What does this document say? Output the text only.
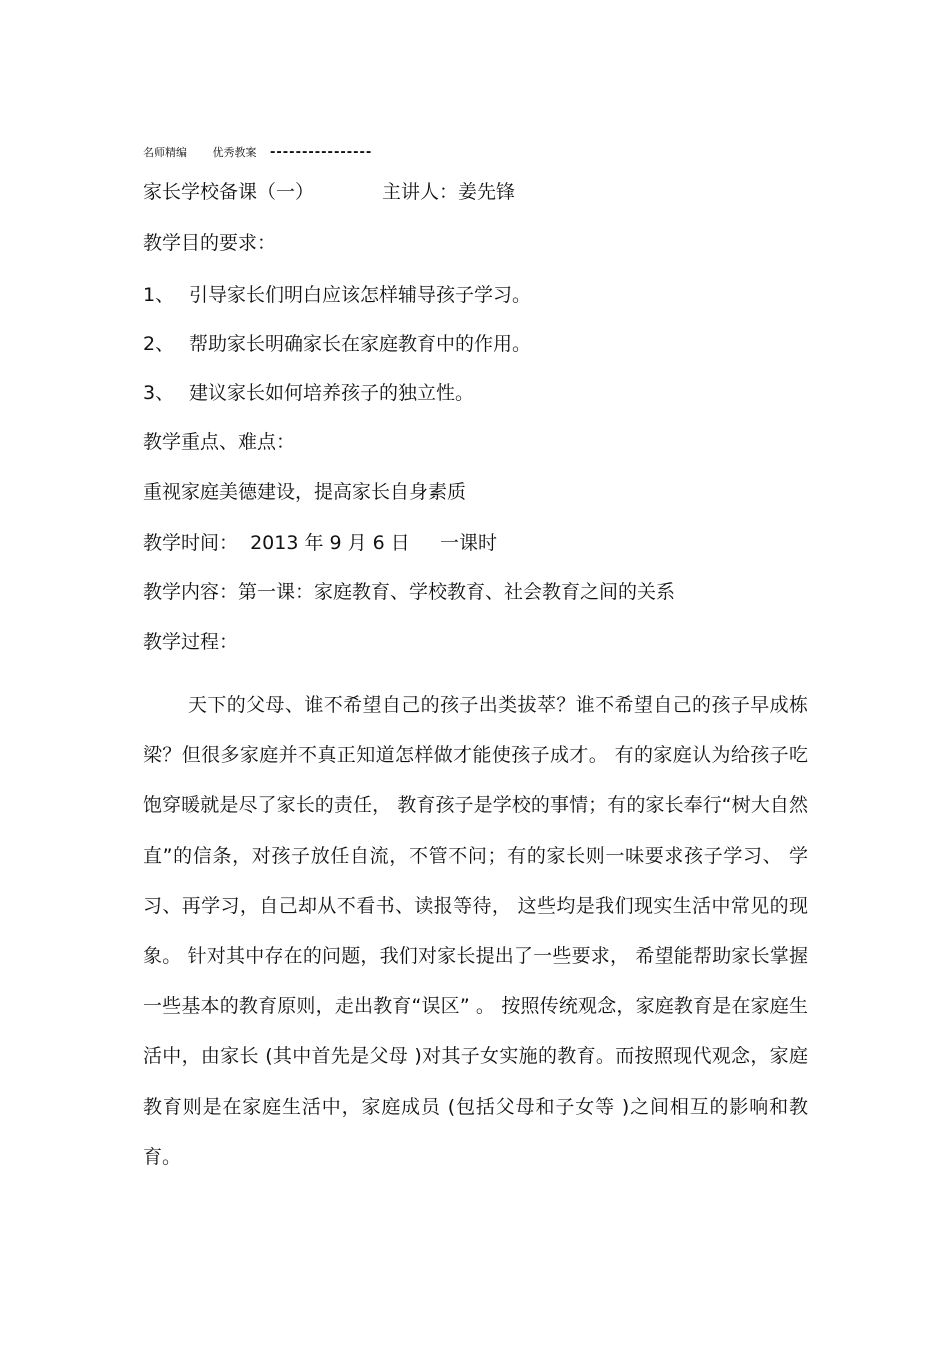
名师精编 优秀教案 ----------------
家长学校备课（一）	主讲人：姜先锋
教学目的要求：
1、 引导家长们明白应该怎样辅导孩子学习。
2、 帮助家长明确家长在家庭教育中的作用。
3、 建议家长如何培养孩子的独立性。
教学重点、难点：
重视家庭美德建设，提高家长自身素质
教学时间：  2013 年 9 月 6 日     一课时
教学内容：第一课：家庭教育、学校教育、社会教育之间的关系
教学过程：

天下的父母、谁不希望自己的孩子出类拔萃？谁不希望自己的孩子早成栋梁？但很多家庭并不真正知道怎样做才能使孩子成才。 有的家庭认为给孩子吃饱穿暖就是尽了家长的责任， 教育孩子是学校的事情；有的家长奉行“树大自然直”的信条，对孩子放任自流，不管不问；有的家长则一味要求孩子学习、 学习、再学习，自己却从不看书、读报等待， 这些均是我们现实生活中常见的现象。 针对其中存在的问题，我们对家长提出了一些要求， 希望能帮助家长掌握一些基本的教育原则，走出教育“误区” 。 按照传统观念，家庭教育是在家庭生活中，由家长 (其中首先是父母 )对其子女实施的教育。而按照现代观念，家庭教育则是在家庭生活中，家庭成员 (包括父母和子女等 )之间相互的影响和教育。
